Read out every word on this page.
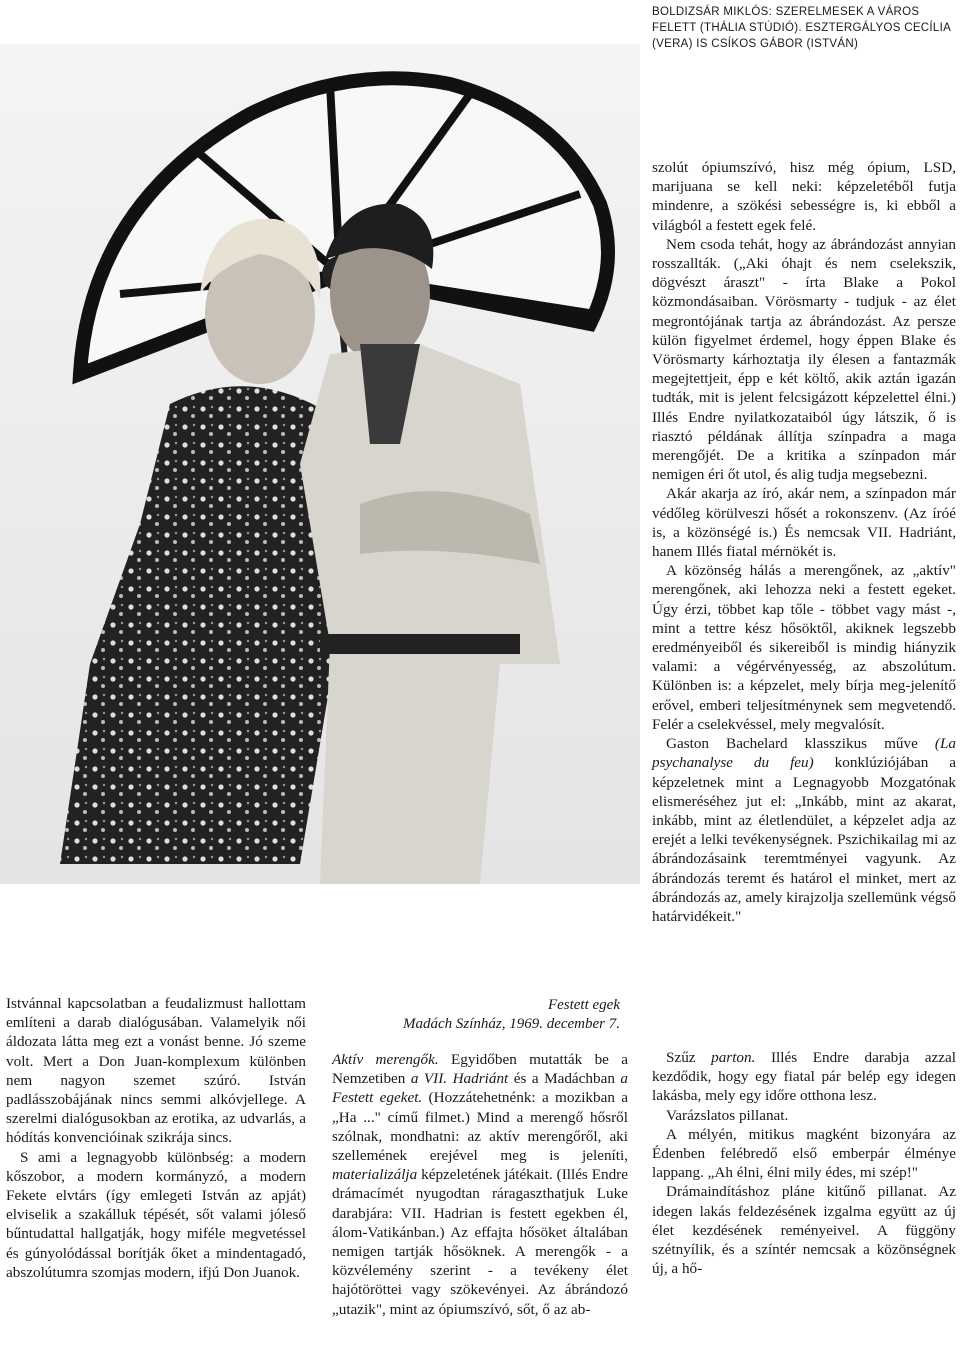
BOLDIZSÁR MIKLÓS: SZERELMESEK A VÁROS
FELETT (THÁLIA STÚDIÓ). ESZTERGÁLYOS CECÍLIA
(VERA) IS CSÍKOS GÁBOR (ISTVÁN)

Istvánnal kapcsolatban a feudalizmust hallottam említeni a darab dialógusában. Valamelyik női áldozata látta meg ezt a vonást benne. Jó szeme volt. Mert a Don Juan-komplexum különben nem nagyon szemet szúró. István padlásszobájának nincs semmi alkóvjellege. A szerelmi dialógusokban az erotika, az udvarlás, a hódítás konvencióinak szikrája sincs.

S ami a legnagyobb különbség: a modern kőszobor, a modern kormányzó, a modern Fekete elvtárs (így emlegeti István az apját) elviselik a szakálluk tépését, sőt valami jóleső bűntudattal hallgatják, hogy miféle megvetéssel és gúnyolódással borítják őket a mindentagadó, abszolútumra szomjas modern, ifjú Don Juanok.

Festett egek
Madách Színház, 1969. december 7.

Aktív merengők. Egyidőben mutatták be a Nemzetiben a VII. Hadriánt és a Madáchban a Festett egeket. (Hozzátehetnénk: a mozikban a „Ha ..." című filmet.) Mind a merengő hősről szólnak, mondhatni: az aktív merengőről, aki szellemének erejével meg is jeleníti, materializálja képzeletének játékait. (Illés Endre drámacímét nyugodtan ráragaszthatjuk Luke darabjára: VII. Hadrian is festett egekben él, álom-Vatikánban.) Az effajta hősöket általában nemigen tartják hősöknek. A merengők - a közvélemény szerint - a tevékeny élet hajótöröttei vagy szökevényei. Az ábrándozó „utazik", mint az ópiumszívó, sőt, ő az ab-

szolút ópiumszívó, hisz még ópium, LSD, marijuana se kell neki: képzeletéből futja mindenre, a szökési sebességre is, ki ebből a világból a festett egek felé.

Nem csoda tehát, hogy az ábrándozást annyian rosszallták. („Aki óhajt és nem cselekszik, dögvészt áraszt" - írta Blake a Pokol közmondásaiban. Vörösmarty - tudjuk - az élet megrontójának tartja az ábrándozást. Az persze külön figyelmet érdemel, hogy éppen Blake és Vörösmarty kárhoztatja ily élesen a fantazmák megejtettjeit, épp e két költő, akik aztán igazán tudták, mit is jelent felcsigázott képzelettel élni.) Illés Endre nyilatkozataiból úgy látszik, ő is riasztó példának állítja színpadra a maga merengőjét. De a kritika a színpadon már nemigen éri őt utol, és alig tudja megsebezni.

Akár akarja az író, akár nem, a színpadon már védőleg körülveszi hősét a rokonszenv. (Az íróé is, a közönségé is.) És nemcsak VII. Hadriánt, hanem Illés fiatal mérnökét is.

A közönség hálás a merengőnek, az „aktív" merengőnek, aki lehozza neki a festett egeket. Úgy érzi, többet kap tőle - többet vagy mást -, mint a tettre kész hősöktől, akiknek legszebb eredményeiből és sikereiből is mindig hiányzik valami: a végérvényesség, az abszolútum. Különben is: a képzelet, mely bírja meg-jelenítő erővel, emberi teljesítménynek sem megvetendő. Felér a cselekvéssel, mely megvalósít.

Gaston Bachelard klasszikus műve (La psychanalyse du feu) konklúziójában a képzeletnek mint a Legnagyobb Mozgatónak elismeréséhez jut el: „Inkább, mint az akarat, inkább, mint az életlendület, a képzelet adja az erejét a lelki tevékenységnek. Pszichikailag mi az ábrándozásaink teremtményei vagyunk. Az ábrándozás teremt és határol el minket, mert az ábrándozás az, amely kirajzolja szellemünk végső határvidékeit."

Szűz parton. Illés Endre darabja azzal kezdődik, hogy egy fiatal pár belép egy idegen lakásba, mely egy időre otthona lesz.

Varázslatos pillanat.

A mélyén, mitikus magként bizonyára az Édenben felébredő első emberpár élménye lappang. „Ah élni, élni mily édes, mi szép!"

Drámaindításhoz pláne kitűnő pillanat. Az idegen lakás feldezésének izgalma együtt az új élet kezdésének reményeivel. A függöny szétnyílik, és a színtér nemcsak a közönségnek új, a hő-
